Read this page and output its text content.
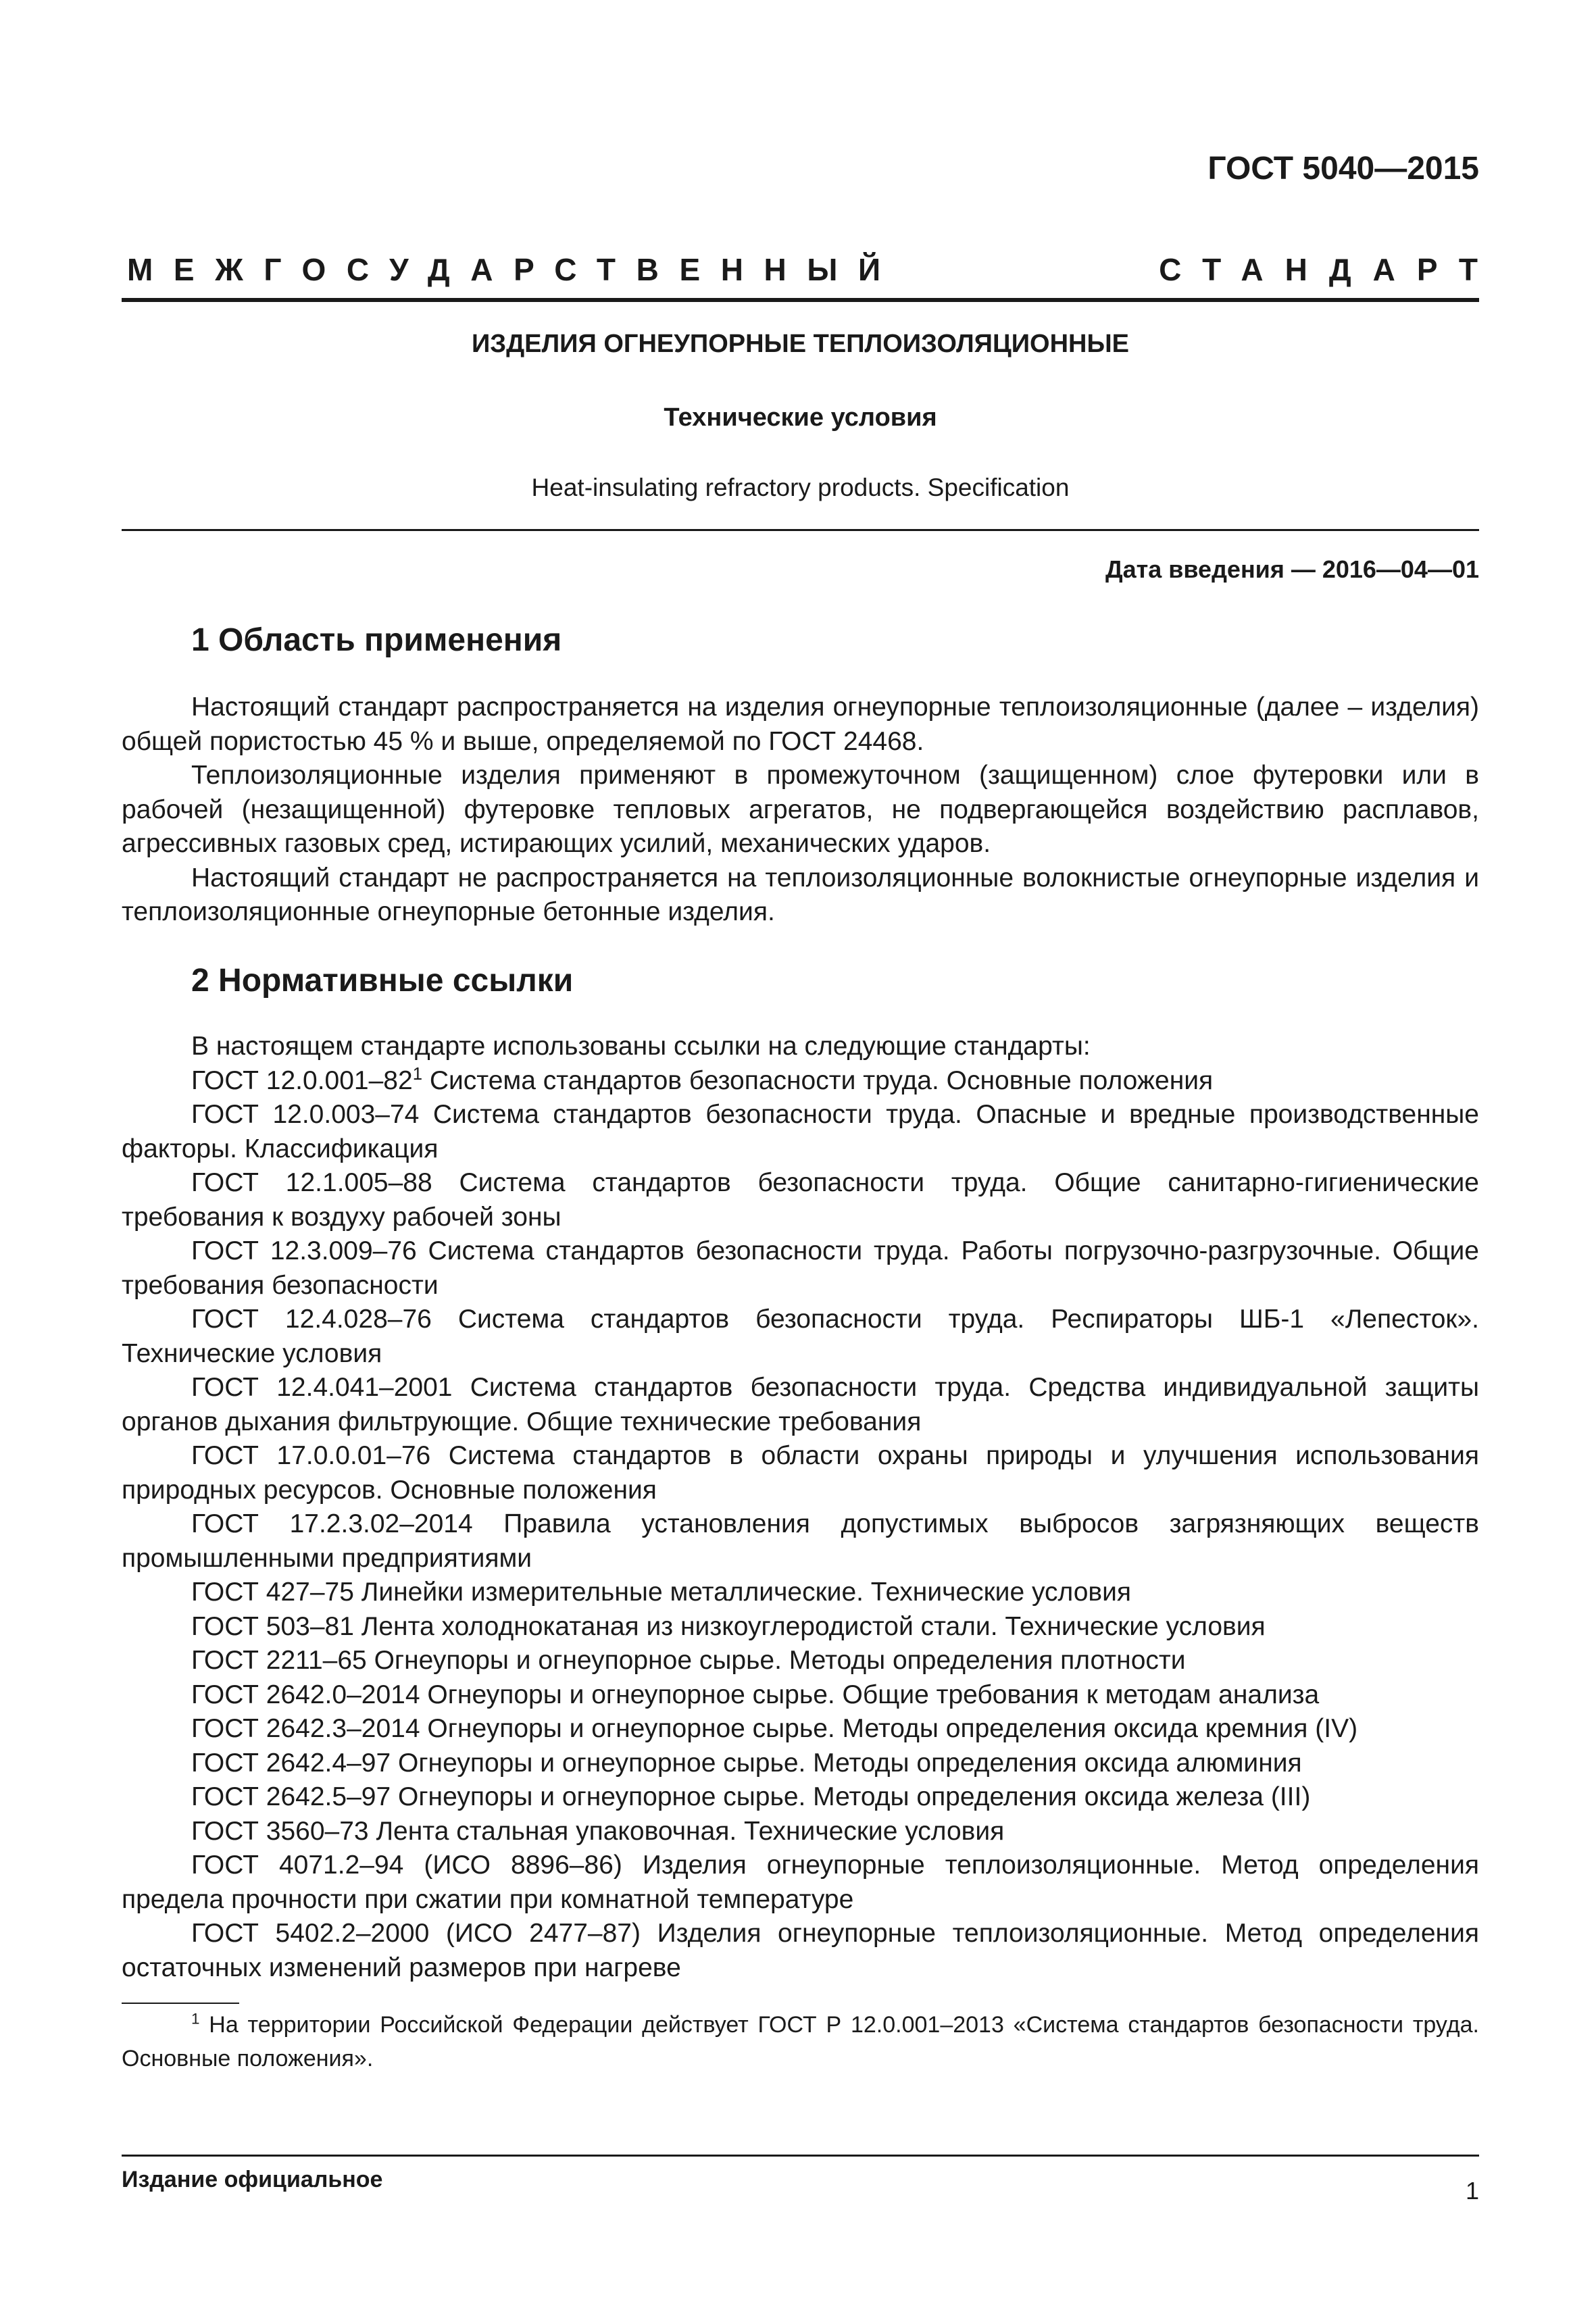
ГОСТ 5040—2015
МЕЖГОСУДАРСТВЕННЫЙ	СТАНДАРТ
ИЗДЕЛИЯ ОГНЕУПОРНЫЕ ТЕПЛОИЗОЛЯЦИОННЫЕ
Технические условия
Heat-insulating refractory products. Specification
Дата введения — 2016—04—01
1 Область применения

Настоящий стандарт распространяется на изделия огнеупорные теплоизоляционные (далее – изделия) общей пористостью 45 % и выше, определяемой по ГОСТ 24468.

Теплоизоляционные изделия применяют в промежуточном (защищенном) слое футеровки или в рабочей (незащищенной) футеровке тепловых агрегатов, не подвергающейся воздействию расплавов, агрессивных газовых сред, истирающих усилий, механических ударов.

Настоящий стандарт не распространяется на теплоизоляционные волокнистые огнеупорные изделия и теплоизоляционные огнеупорные бетонные изделия.

2 Нормативные ссылки

В настоящем стандарте использованы ссылки на следующие стандарты:

ГОСТ $12.0.001-82^1$ Система стандартов безопасности труда. Основные положения

ГОСТ 12.0.003–74 Система стандартов безопасности труда. Опасные и вредные производственные факторы. Классификация

ГОСТ 12.1.005–88 Система стандартов безопасности труда. Общие санитарно-гигиенические требования к воздуху рабочей зоны

ГОСТ 12.3.009–76 Система стандартов безопасности труда. Работы погрузочно-разгрузочные. Общие требования безопасности

ГОСТ 12.4.028–76 Система стандартов безопасности труда. Респираторы ШБ-1 «Лепесток». Технические условия

ГОСТ 12.4.041–2001 Система стандартов безопасности труда. Средства индивидуальной защиты органов дыхания фильтрующие. Общие технические требования

ГОСТ 17.0.0.01–76 Система стандартов в области охраны природы и улучшения использования природных ресурсов. Основные положения

ГОСТ 17.2.3.02–2014 Правила установления допустимых выбросов загрязняющих веществ промышленными предприятиями

ГОСТ 427–75 Линейки измерительные металлические. Технические условия

ГОСТ 503–81 Лента холоднокатаная из низкоуглеродистой стали. Технические условия

ГОСТ 2211–65 Огнеупоры и огнеупорное сырье. Методы определения плотности

ГОСТ 2642.0–2014 Огнеупоры и огнеупорное сырье. Общие требования к методам анализа

ГОСТ 2642.3–2014 Огнеупоры и огнеупорное сырье. Методы определения оксида кремния (IV)

ГОСТ 2642.4–97 Огнеупоры и огнеупорное сырье. Методы определения оксида алюминия

ГОСТ 2642.5–97 Огнеупоры и огнеупорное сырье. Методы определения оксида железа (III)

ГОСТ 3560–73 Лента стальная упаковочная. Технические условия

ГОСТ 4071.2–94 (ИСО 8896–86) Изделия огнеупорные теплоизоляционные. Метод определения предела прочности при сжатии при комнатной температуре

ГОСТ 5402.2–2000 (ИСО 2477–87) Изделия огнеупорные теплоизоляционные. Метод определения остаточных изменений размеров при нагреве

$^1$ На территории Российской Федерации действует ГОСТ Р 12.0.001–2013 «Система стандартов безопасности труда. Основные положения».

Издание официальное	1
